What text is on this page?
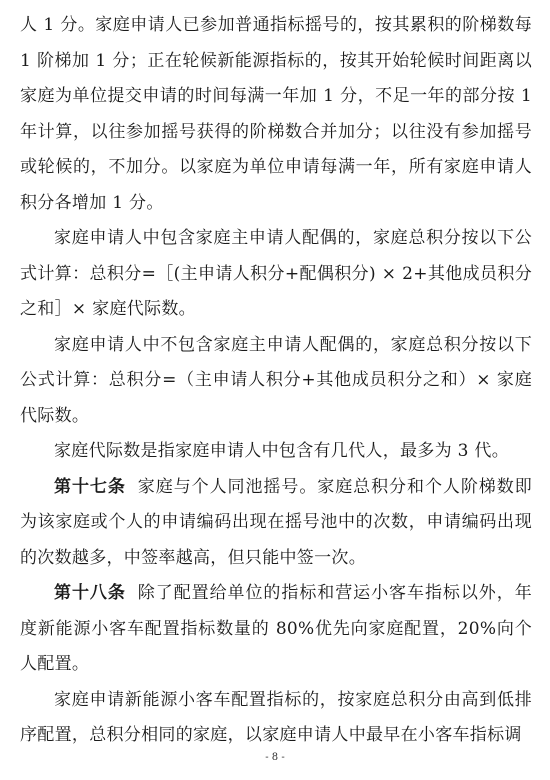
人 1 分。家庭申请人已参加普通指标摇号的，按其累积的阶梯数每 1 阶梯加 1 分；正在轮候新能源指标的，按其开始轮候时间距离以家庭为单位提交申请的时间每满一年加 1 分，不足一年的部分按 1 年计算，以往参加摇号获得的阶梯数合并加分；以往没有参加摇号或轮候的，不加分。以家庭为单位申请每满一年，所有家庭申请人积分各增加 1 分。

家庭申请人中包含家庭主申请人配偶的，家庭总积分按以下公式计算：总积分=［(主申请人积分+配偶积分) × 2+其他成员积分之和］× 家庭代际数。

家庭申请人中不包含家庭主申请人配偶的，家庭总积分按以下公式计算：总积分=（主申请人积分+其他成员积分之和）× 家庭代际数。

家庭代际数是指家庭申请人中包含有几代人，最多为 3 代。

第十七条 家庭与个人同池摇号。家庭总积分和个人阶梯数即为该家庭或个人的申请编码出现在摇号池中的次数，申请编码出现的次数越多，中签率越高，但只能中签一次。

第十八条 除了配置给单位的指标和营运小客车指标以外，年度新能源小客车配置指标数量的 80%优先向家庭配置，20%向个人配置。

家庭申请新能源小客车配置指标的，按家庭总积分由高到低排序配置，总积分相同的家庭，以家庭申请人中最早在小客车指标调

- 8 -
